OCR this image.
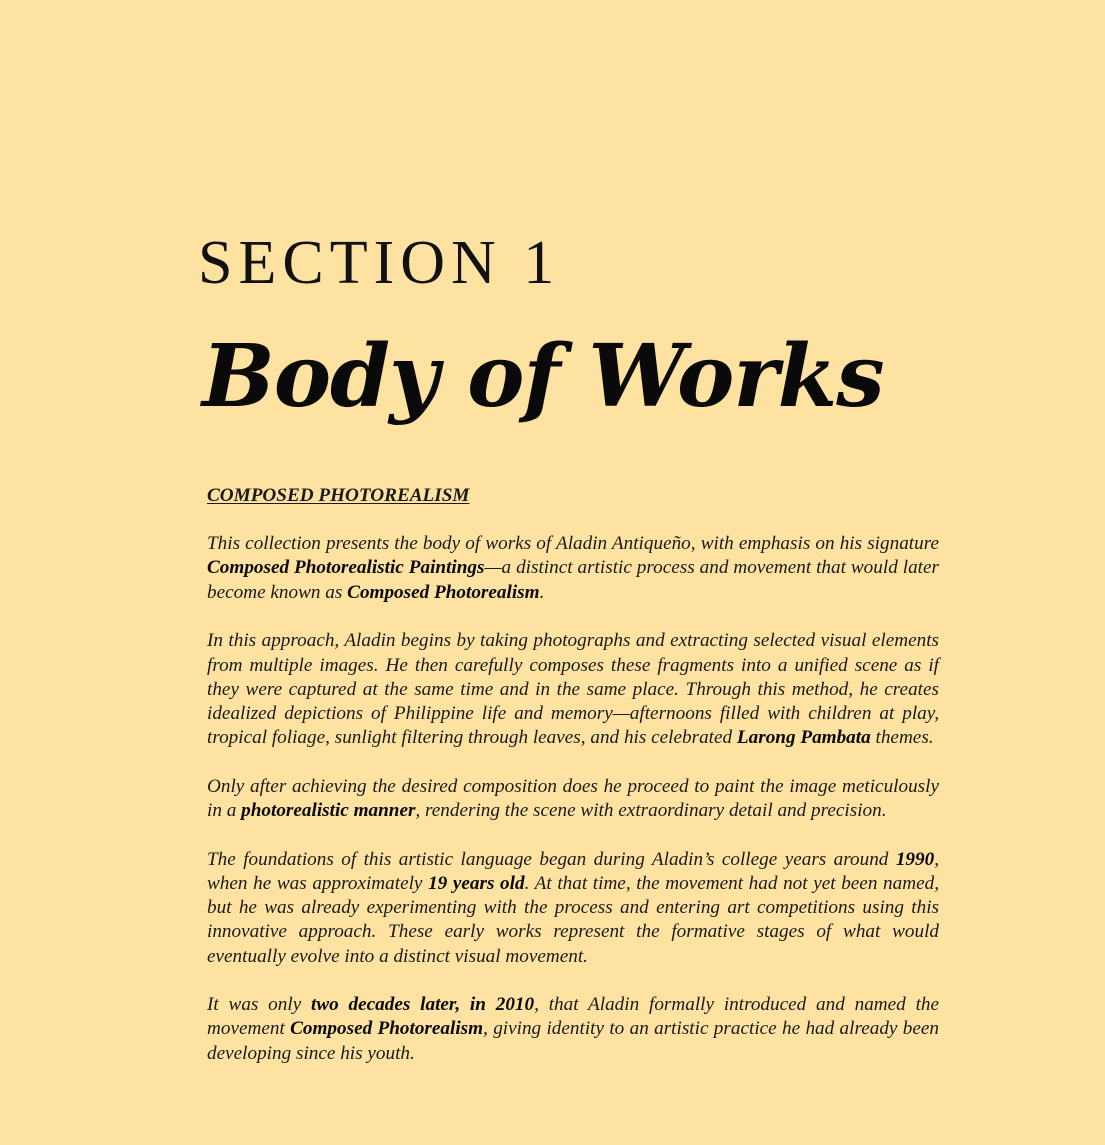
SECTION 1
Body of Works
COMPOSED PHOTOREALISM

This collection presents the body of works of Aladin Antiqueño, with emphasis on his signature Composed Photorealistic Paintings—a distinct artistic process and movement that would later become known as Composed Photorealism.

In this approach, Aladin begins by taking photographs and extracting selected visual elements from multiple images. He then carefully composes these fragments into a unified scene as if they were captured at the same time and in the same place. Through this method, he creates idealized depictions of Philippine life and memory—afternoons filled with children at play, tropical foliage, sunlight filtering through leaves, and his celebrated Larong Pambata themes.

Only after achieving the desired composition does he proceed to paint the image meticulously in a photorealistic manner, rendering the scene with extraordinary detail and precision.

The foundations of this artistic language began during Aladin’s college years around 1990, when he was approximately 19 years old. At that time, the movement had not yet been named, but he was already experimenting with the process and entering art competitions using this innovative approach. These early works represent the formative stages of what would eventually evolve into a distinct visual movement.

It was only two decades later, in 2010, that Aladin formally introduced and named the movement Composed Photorealism, giving identity to an artistic practice he had already been developing since his youth.
